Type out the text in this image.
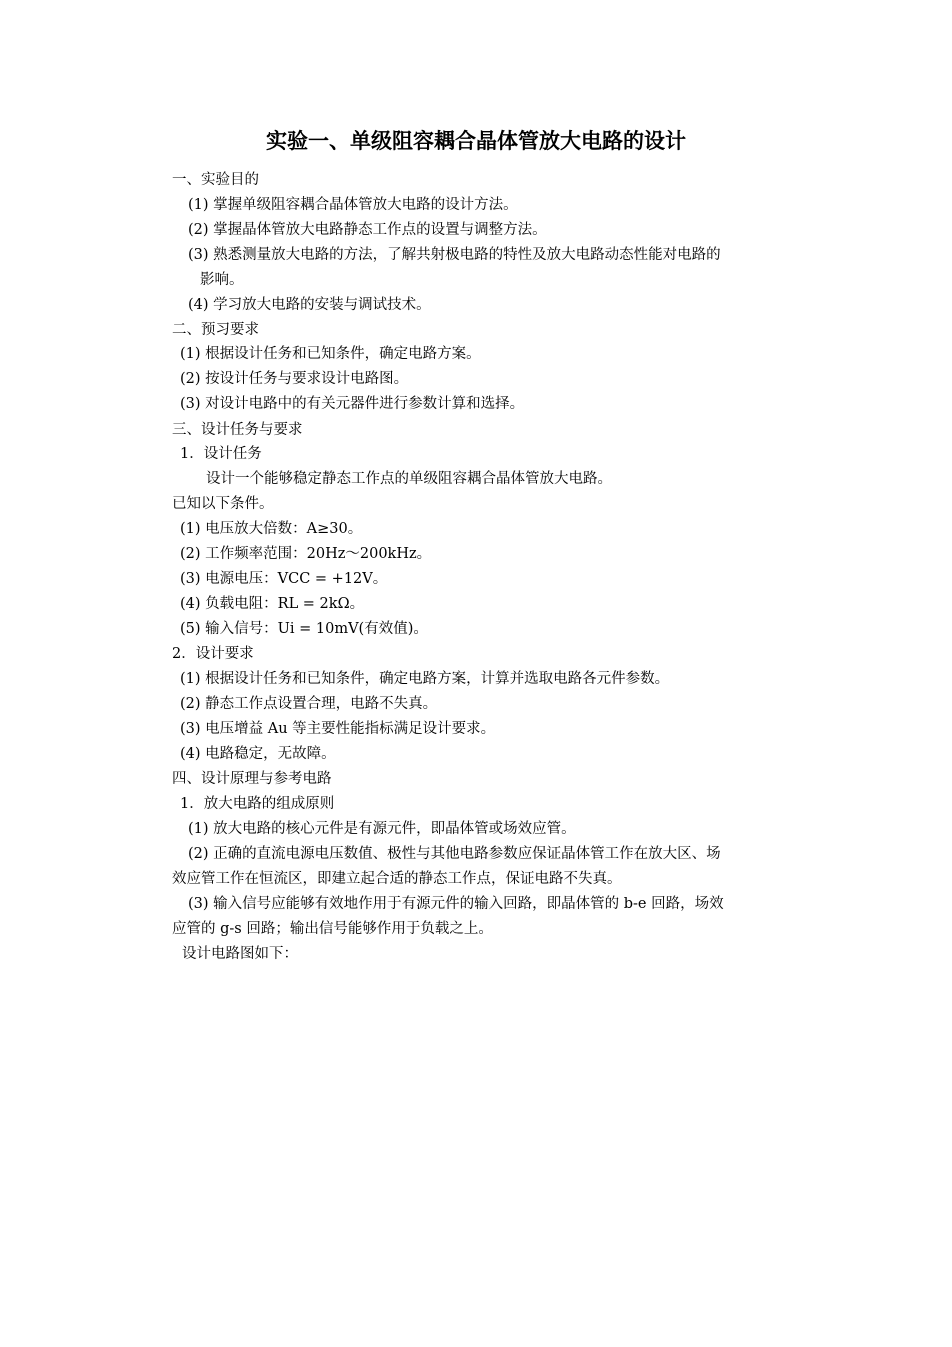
实验一、单级阻容耦合晶体管放大电路的设计
一、实验目的
(1) 掌握单级阻容耦合晶体管放大电路的设计方法。
(2) 掌握晶体管放大电路静态工作点的设置与调整方法。
(3) 熟悉测量放大电路的方法，了解共射极电路的特性及放大电路动态性能对电路的
影响。
(4) 学习放大电路的安装与调试技术。
二、预习要求
(1) 根据设计任务和已知条件，确定电路方案。
(2) 按设计任务与要求设计电路图。
(3) 对设计电路中的有关元器件进行参数计算和选择。
三、设计任务与要求
1．设计任务
设计一个能够稳定静态工作点的单级阻容耦合晶体管放大电路。
已知以下条件。
(1) 电压放大倍数：A≥30。
(2) 工作频率范围：20Hz～200kHz。
(3) 电源电压：VCC = +12V。
(4) 负载电阻：RL = 2kΩ。
(5) 输入信号：Ui = 10mV(有效值)。
2．设计要求
(1) 根据设计任务和已知条件，确定电路方案，计算并选取电路各元件参数。
(2) 静态工作点设置合理，电路不失真。
(3) 电压增益 Au 等主要性能指标满足设计要求。
(4) 电路稳定，无故障。
四、设计原理与参考电路
1．放大电路的组成原则
(1) 放大电路的核心元件是有源元件，即晶体管或场效应管。
(2) 正确的直流电源电压数值、极性与其他电路参数应保证晶体管工作在放大区、场
效应管工作在恒流区，即建立起合适的静态工作点，保证电路不失真。
(3) 输入信号应能够有效地作用于有源元件的输入回路，即晶体管的 b-e 回路，场效
应管的 g-s 回路；输出信号能够作用于负载之上。
设计电路图如下：
